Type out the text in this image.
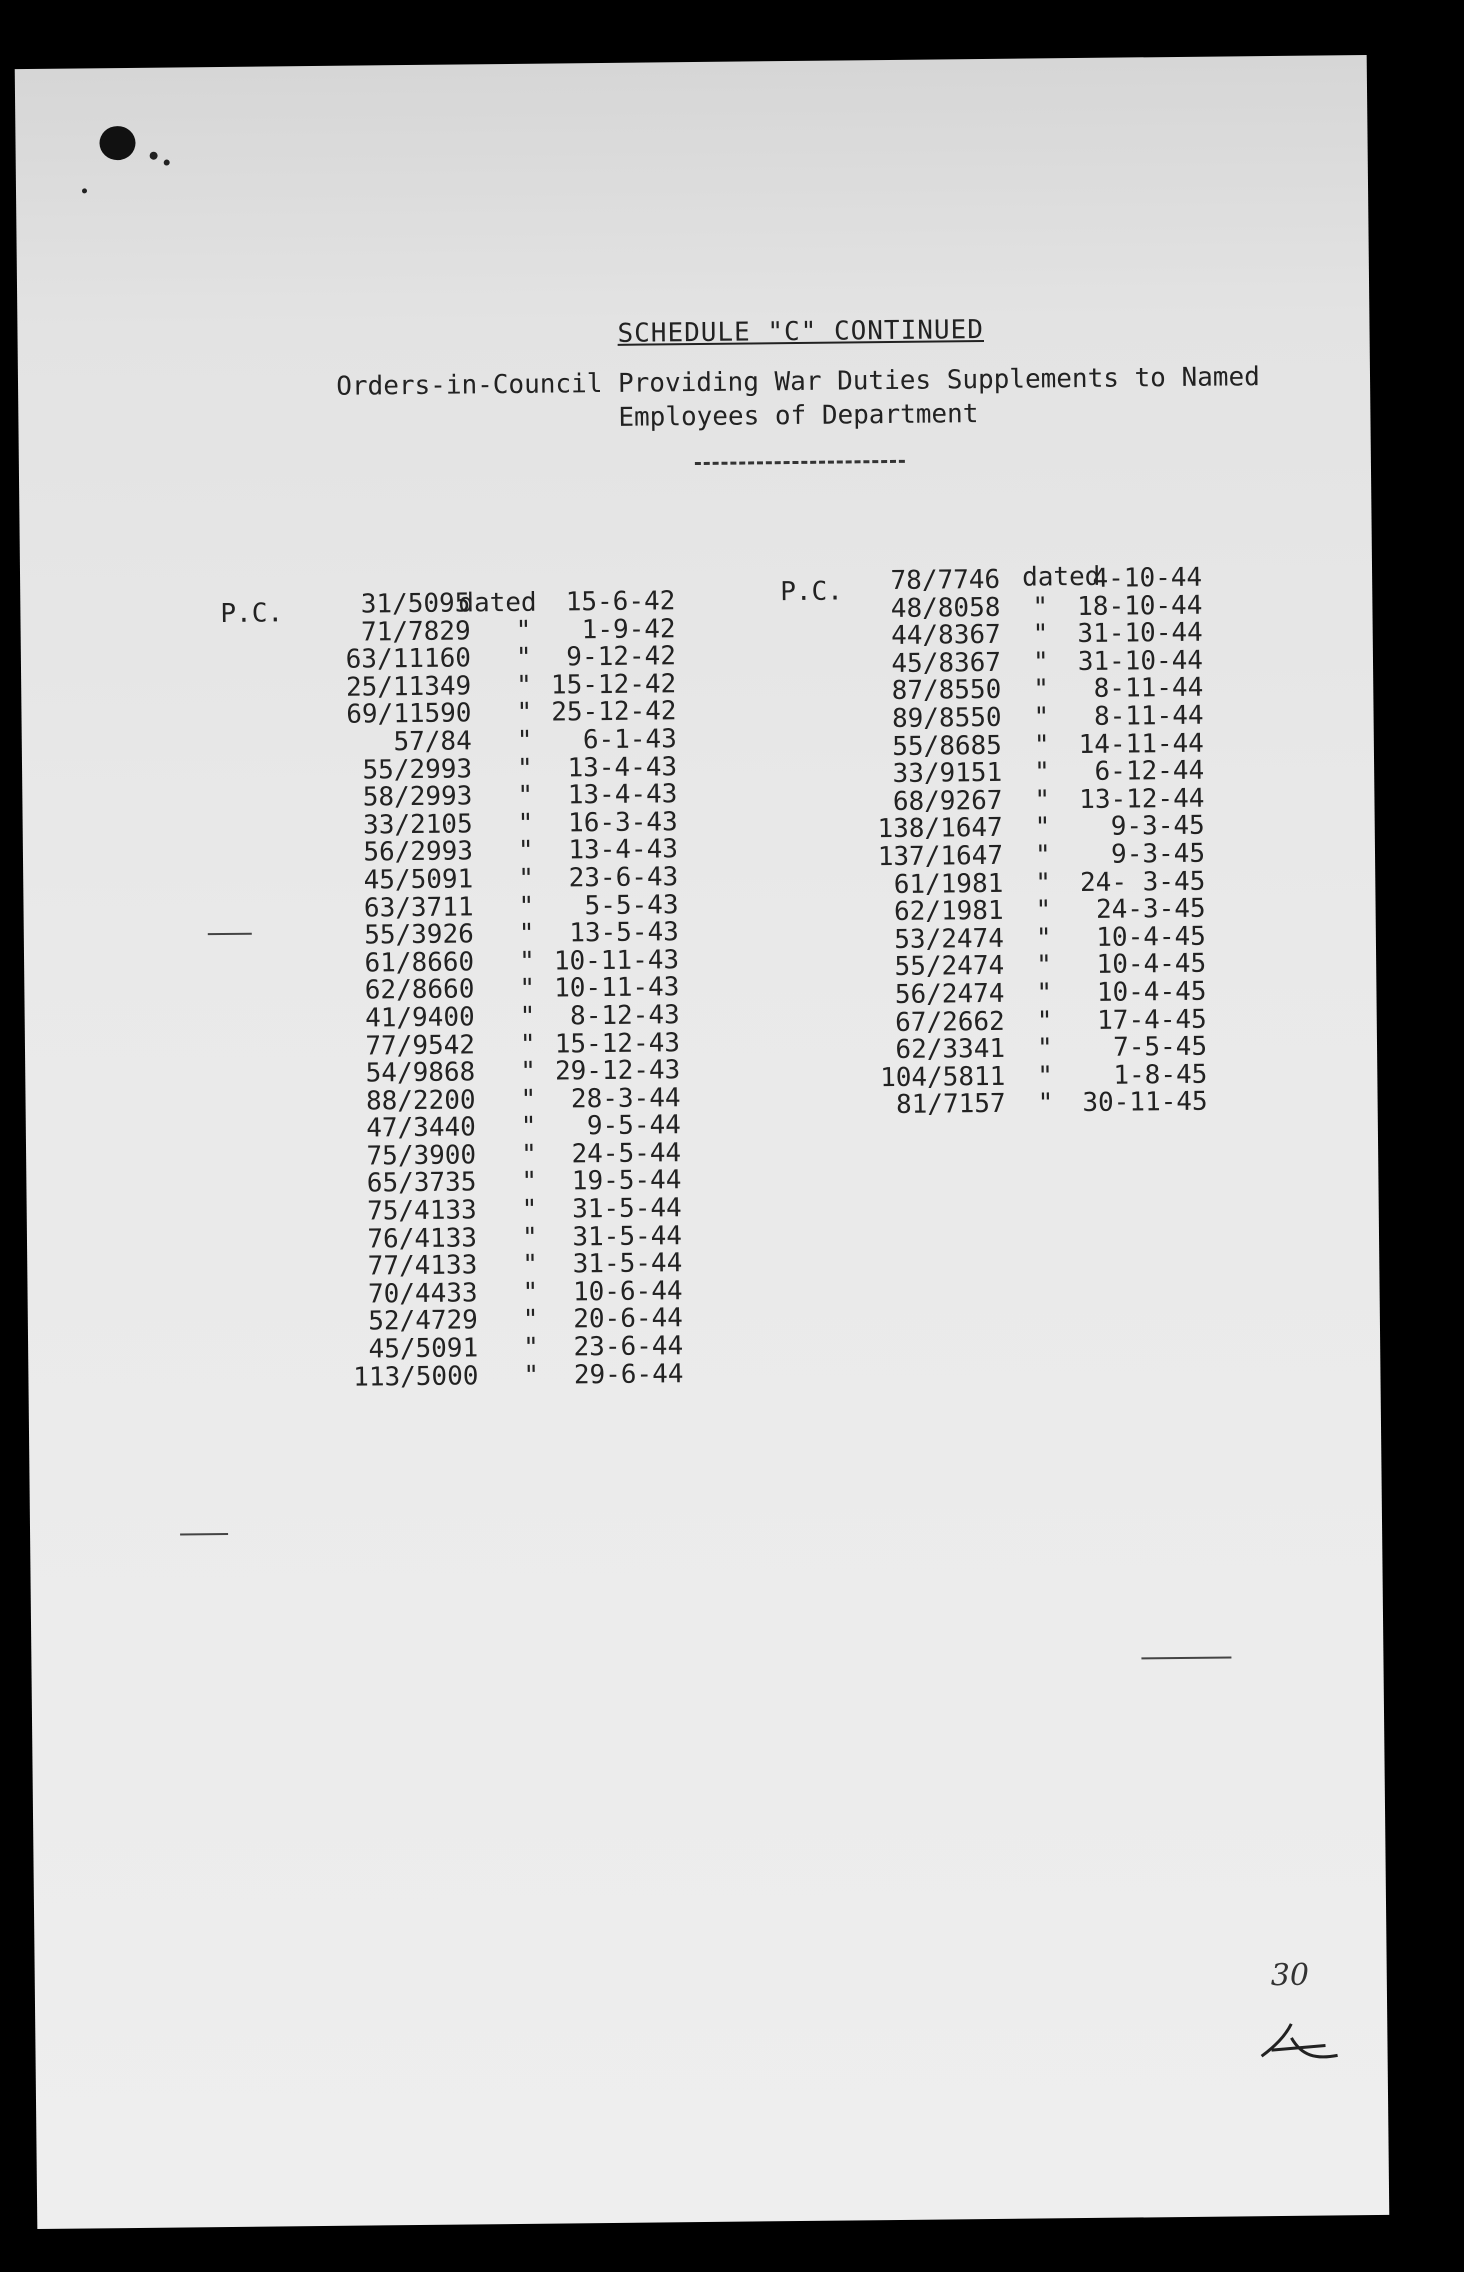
SCHEDULE "C" CONTINUED
Orders-in-Council Providing War Duties Supplements to Named
Employees of Department
P.C.	dated
31/5095	15-6-42
71/7829 "	1-9-42
63/11160 "	9-12-42
25/11349 " 15-12-42
69/11590 " 25-12-42
57/84 "	6-1-43
55/2993 "	13-4-43
58/2993 "	13-4-43
33/2105 "	16-3-43
56/2993 "	13-4-43
45/5091 "	23-6-43
63/3711 "	5-5-43
55/3926 "	13-5-43
61/8660 " 10-11-43
62/8660 " 10-11-43
41/9400 "	8-12-43
77/9542 " 15-12-43
54/9868 " 29-12-43
88/2200 "	28-3-44
47/3440 "	9-5-44
75/3900 "	24-5-44
65/3735 "	19-5-44
75/4133 "	31-5-44
76/4133 "	31-5-44
77/4133 "	31-5-44
70/4433 "	10-6-44
52/4729 "	20-6-44
45/5091 "	23-6-44
113/5000 "	29-6-44
P.C.	dated
78/7746	4-10-44
48/8058 "	18-10-44
44/8367 "	31-10-44
45/8367 "	31-10-44
87/8550 "	8-11-44
89/8550 "	8-11-44
55/8685 "	14-11-44
33/9151 "	6-12-44
68/9267 "	13-12-44
138/1647 "	9-3-45
137/1647 "	9-3-45
61/1981 "	24- 3-45
62/1981 "	24-3-45
53/2474 "	10-4-45
55/2474 "	10-4-45
56/2474 "	10-4-45
67/2662 "	17-4-45
62/3341 "	7-5-45
104/5811 "	1-8-45
81/7157 "	30-11-45
30
